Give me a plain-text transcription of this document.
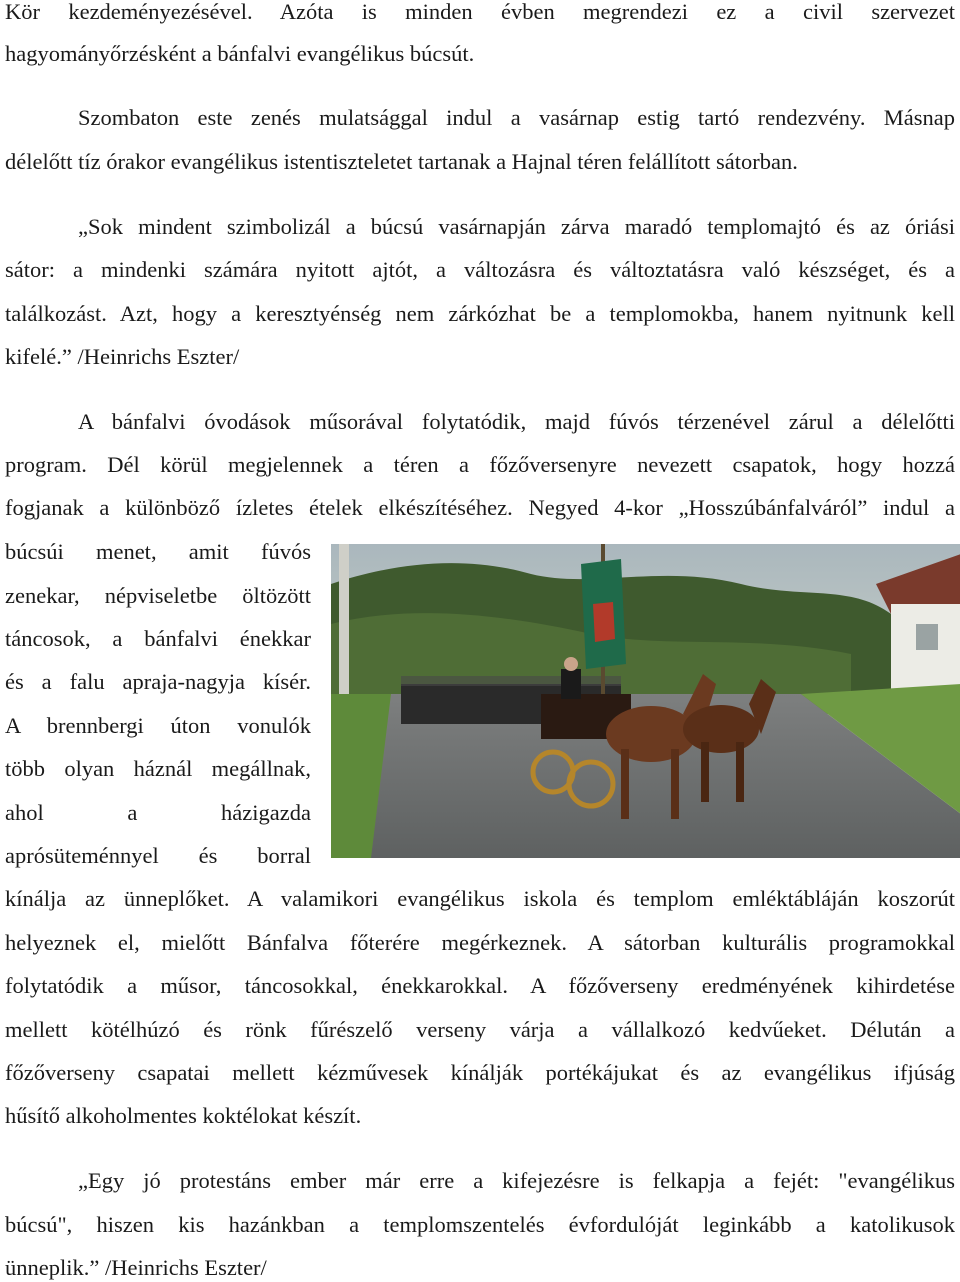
Kör kezdeményezésével. Azóta is minden évben megrendezi ez a civil szervezet
hagyományőrzésként a bánfalvi evangélikus búcsút.
Szombaton este zenés mulatsággal indul a vasárnap estig tartó rendezvény. Másnap
délelőtt tíz órakor evangélikus istentiszteletet tartanak a Hajnal téren felállított sátorban.
„Sok mindent szimbolizál a búcsú vasárnapján zárva maradó templomajtó és az óriási
sátor: a mindenki számára nyitott ajtót, a változásra és változtatásra való készséget, és a
találkozást. Azt, hogy a keresztyénség nem zárkózhat be a templomokba, hanem nyitnunk kell
kifelé.” /Heinrichs Eszter/
A bánfalvi óvodások műsorával folytatódik, majd fúvós térzenével zárul a délelőtti
program. Dél körül megjelennek a téren a főzőversenyre nevezett csapatok, hogy hozzá
fogjanak a különböző ízletes ételek elkészítéséhez. Negyed 4-kor „Hosszúbánfalváról” indul a
búcsúi menet, amit fúvós
zenekar, népviseletbe öltözött
táncosok, a bánfalvi énekkar
és a falu apraja-nagyja kísér.
A brennbergi úton vonulók
több olyan háznál megállnak,
ahol a házigazda
aprósüteménnyel és borral
kínálja az ünneplőket. A valamikori evangélikus iskola és templom emléktábláján koszorút
helyeznek el, mielőtt Bánfalva főterére megérkeznek. A sátorban kulturális programokkal
folytatódik a műsor, táncosokkal, énekkarokkal. A főzőverseny eredményének kihirdetése
mellett kötélhúzó és rönk fűrészelő verseny várja a vállalkozó kedvűeket. Délután a
főzőverseny csapatai mellett kézművesek kínálják portékájukat és az evangélikus ifjúság
hűsítő alkoholmentes koktélokat készít.
„Egy jó protestáns ember már erre a kifejezésre is felkapja a fejét: "evangélikus
búcsú", hiszen kis hazánkban a templomszentelés évfordulóját leginkább a katolikusok
ünneplik.” /Heinrichs Eszter/
